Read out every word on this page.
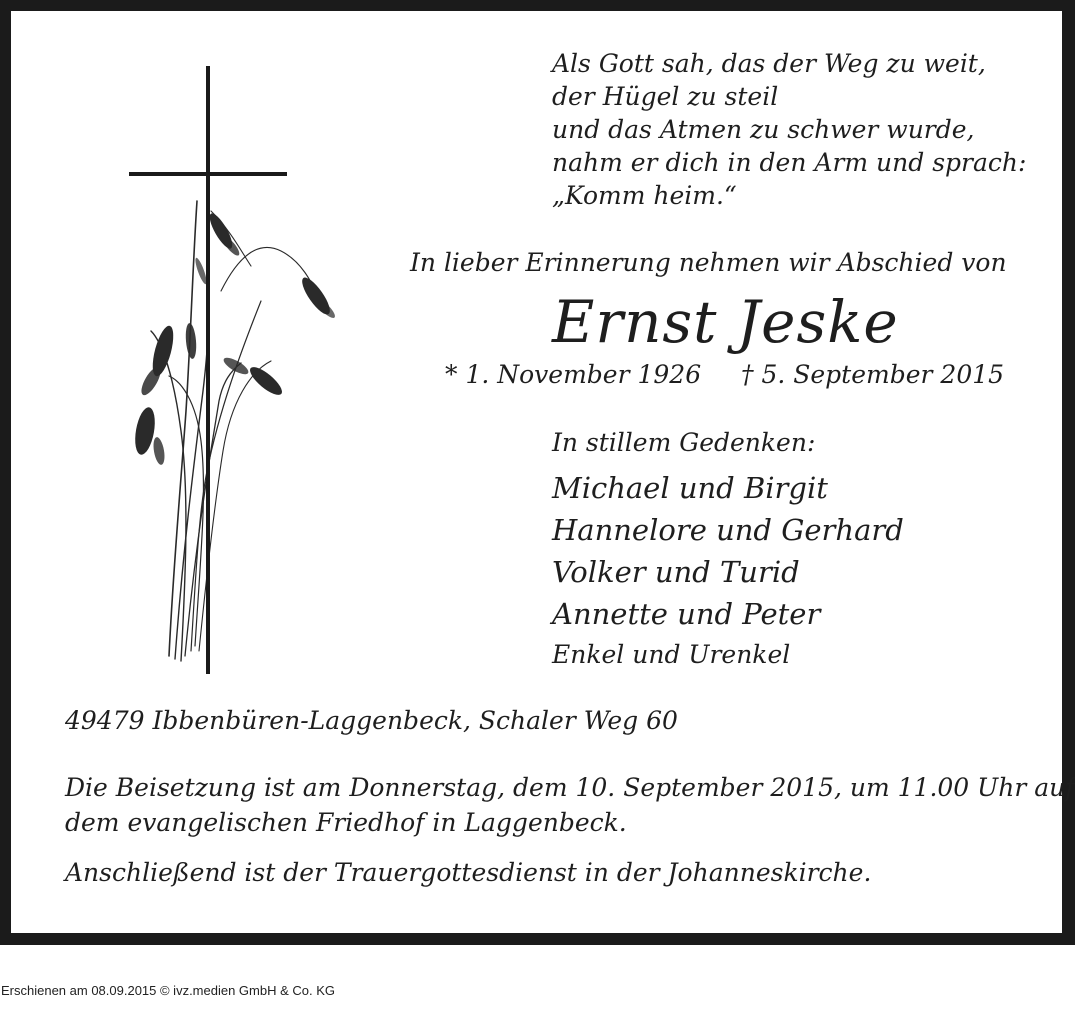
Als Gott sah, das der Weg zu weit,
der Hügel zu steil
und das Atmen zu schwer wurde,
nahm er dich in den Arm und sprach:
„Komm heim.“
In lieber Erinnerung nehmen wir Abschied von
Ernst Jeske
* 1. November 1926 † 5. September 2015
In stillem Gedenken:
Michael und Birgit
Hannelore und Gerhard
Volker und Turid
Annette und Peter
Enkel und Urenkel
49479 Ibbenbüren-Laggenbeck, Schaler Weg 60
Die Beisetzung ist am Donnerstag, dem 10. September 2015, um 11.00 Uhr auf
dem evangelischen Friedhof in Laggenbeck.
Anschließend ist der Trauergottesdienst in der Johanneskirche.
Erschienen am 08.09.2015 © ivz.medien GmbH & Co. KG
